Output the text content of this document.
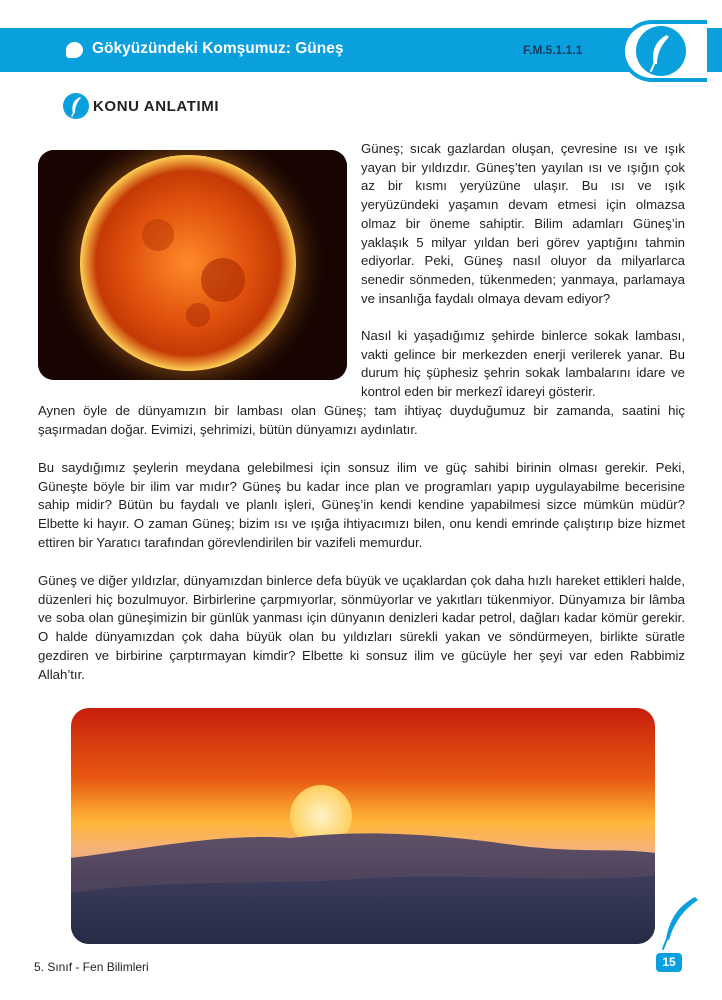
Gökyüzündeki Komşumuz: Güneş	F.M.5.1.1.1
KONU ANLATIMI
Güneş; sıcak gazlardan oluşan, çevresine ısı ve ışık yayan bir yıldızdır. Güneş’ten yayılan ısı ve ışığın çok az bir kısmı yeryüzüne ulaşır. Bu ısı ve ışık yeryüzündeki yaşamın devam etmesi için olmazsa olmaz bir öneme sahiptir. Bilim adamları Güneş’in yaklaşık 5 milyar yıldan beri görev yaptığını tahmin ediyorlar. Peki, Güneş nasıl oluyor da milyarlarca senedir sönmeden, tükenmeden; yanmaya, parlamaya ve insanlığa faydalı olmaya devam ediyor?
Nasıl ki yaşadığımız şehirde binlerce sokak lambası, vakti gelince bir merkezden enerji verilerek yanar. Bu durum hiç şüphesiz şehrin sokak lambalarını idare ve kontrol eden bir merkezî idareyi gösterir.
Aynen öyle de dünyamızın bir lambası olan Güneş; tam ihtiyaç duyduğumuz bir zamanda, saatini hiç şaşırmadan doğar. Evimizi, şehrimizi, bütün dünyamızı aydınlatır.
Bu saydığımız şeylerin meydana gelebilmesi için sonsuz ilim ve güç sahibi birinin olması gerekir. Peki, Güneşte böyle bir ilim var mıdır? Güneş bu kadar ince plan ve programları yapıp uygulayabilme becerisine sahip midir? Bütün bu faydalı ve planlı işleri, Güneş’in kendi kendine yapabilmesi sizce mümkün müdür? Elbette ki hayır. O zaman Güneş; bizim ısı ve ışığa ihtiyacımızı bilen, onu kendi emrinde çalıştırıp bize hizmet ettiren bir Yaratıcı tarafından görevlendirilen bir vazifeli memurdur.
Güneş ve diğer yıldızlar, dünyamızdan binlerce defa büyük ve uçaklardan çok daha hızlı hareket ettikleri halde, düzenleri hiç bozulmuyor. Birbirlerine çarpmıyorlar, sönmüyorlar ve yakıtları tükenmiyor. Dünyamıza bir lâmba ve soba olan güneşimizin bir günlük yanması için dünyanın denizleri kadar petrol, dağları kadar kömür gerekir. O halde dünyamızdan çok daha büyük olan bu yıldızları sürekli yakan ve söndürmeyen, birlikte süratle gezdiren ve birbirine çarptırmayan kimdir? Elbette ki sonsuz ilim ve gücüyle her şeyi var eden Rabbimiz Allah’tır.
5. Sınıf - Fen Bilimleri	15
